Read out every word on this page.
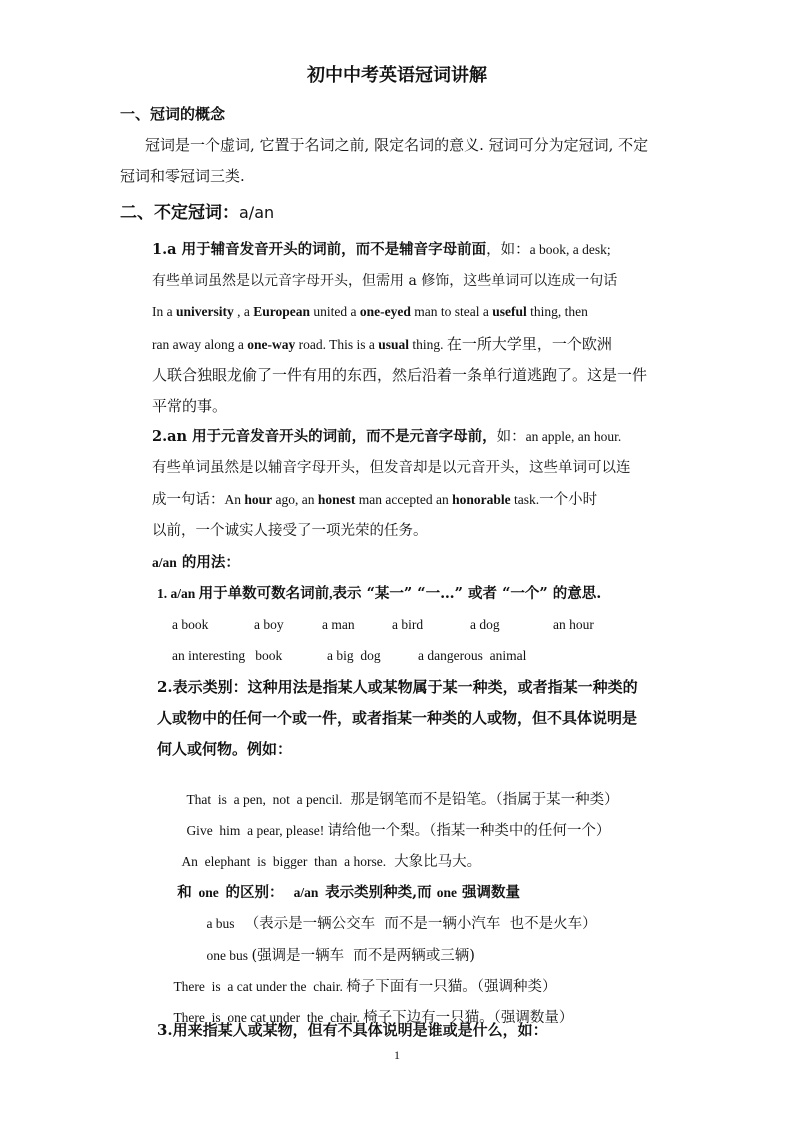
初中中考英语冠词讲解
一、冠词的概念
冠词是一个虚词, 它置于名词之前, 限定名词的意义. 冠词可分为定冠词, 不定
冠词和零冠词三类.
二、不定冠词：a/an
1.a 用于辅音发音开头的词前，而不是辅音字母前面，如：a book, a desk;
有些单词虽然是以元音字母开头，但需用 a 修饰，这些单词可以连成一句话
In a university , a European united a one-eyed man to steal a useful thing, then
ran away along a one-way road. This is a usual thing. 在一所大学里，一个欧洲
人联合独眼龙偷了一件有用的东西，然后沿着一条单行道逃跑了。这是一件
平常的事。
2.an 用于元音发音开头的词前，而不是元音字母前，如：an apple, an hour.
有些单词虽然是以辅音字母开头，但发音却是以元音开头，这些单词可以连
成一句话：An hour ago, an honest man accepted an honorable task.一个小时
以前，一个诚实人接受了一项光荣的任务。
a/an 的用法：
1. a/an 用于单数可数名词前,表示 “某一” “一…” 或者 “一个” 的意思.
a book	a boy	a man	a bird	a dog	an hour
an interesting   book	a big  dog	a dangerous  animal
2.表示类别：这种用法是指某人或某物属于某一种类，或者指某一种类的
人或物中的任何一个或一件，或者指某一种类的人或物，但不具体说明是
何人或何物。例如：

That  is  a pen,  not  a pencil.  那是钢笔而不是铅笔。（指属于某一种类）

Give  him  a pear, please! 请给他一个梨。（指某一种类中的任何一个）

An  elephant  is  bigger  than  a horse.  大象比马大。

和  one  的区别：   a/an  表示类别种类,而 one 强调数量

a bus   （表示是一辆公交车  而不是一辆小汽车  也不是火车）

one bus (强调是一辆车  而不是两辆或三辆)

There  is  a cat under the  chair. 椅子下面有一只猫。（强调种类）

There  is  one cat under  the  chair. 椅子下边有一只猫。（强调数量）

3.用来指某人或某物，但有不具体说明是谁或是什么，如：
1
